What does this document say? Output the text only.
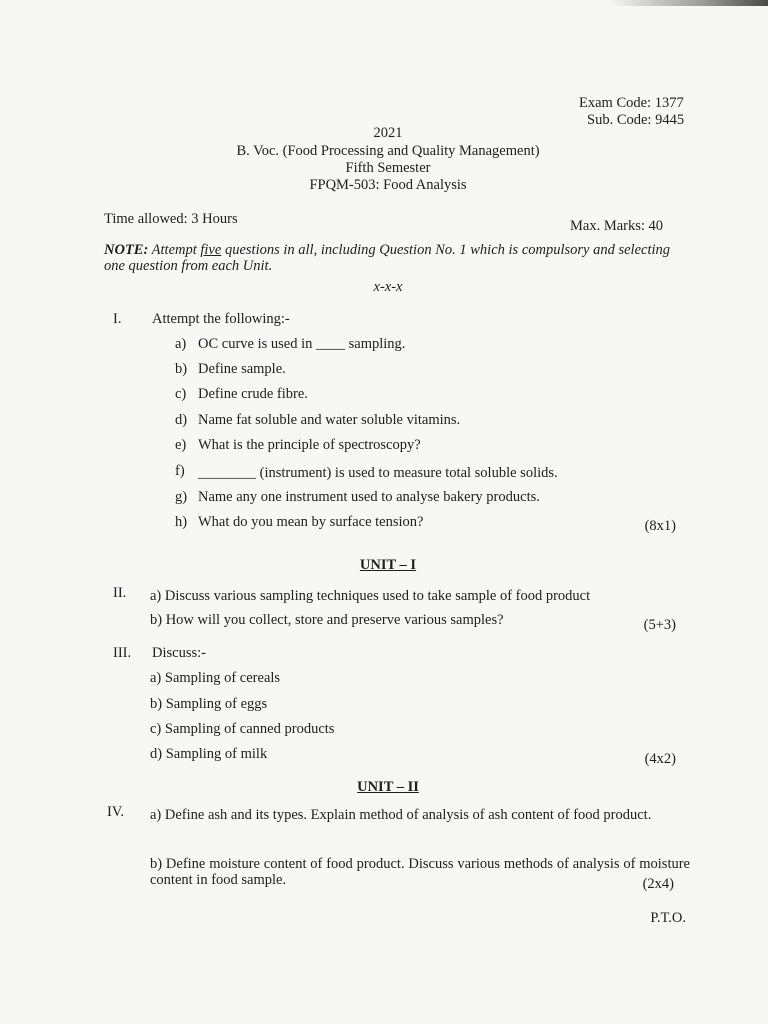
Exam Code: 1377
Sub. Code: 9445
2021
B. Voc. (Food Processing and Quality Management)
Fifth Semester
FPQM-503: Food Analysis
Time allowed: 3 Hours	Max. Marks: 40
NOTE: Attempt five questions in all, including Question No. 1 which is compulsory and selecting one question from each Unit.
x-x-x
I. Attempt the following:-
a) OC curve is used in ____ sampling.
b) Define sample.
c) Define crude fibre.
d) Name fat soluble and water soluble vitamins.
e) What is the principle of spectroscopy?
f) ________ (instrument) is used to measure total soluble solids.
g) Name any one instrument used to analyse bakery products.
h) What do you mean by surface tension?	(8x1)
UNIT – I
II. a) Discuss various sampling techniques used to take sample of food product
b) How will you collect, store and preserve various samples?	(5+3)
III. Discuss:-
a) Sampling of cereals
b) Sampling of eggs
c) Sampling of canned products
d) Sampling of milk	(4x2)
UNIT – II
IV. a) Define ash and its types. Explain method of analysis of ash content of food product.
b) Define moisture content of food product. Discuss various methods of analysis of moisture content in food sample.	(2x4)
P.T.O.
